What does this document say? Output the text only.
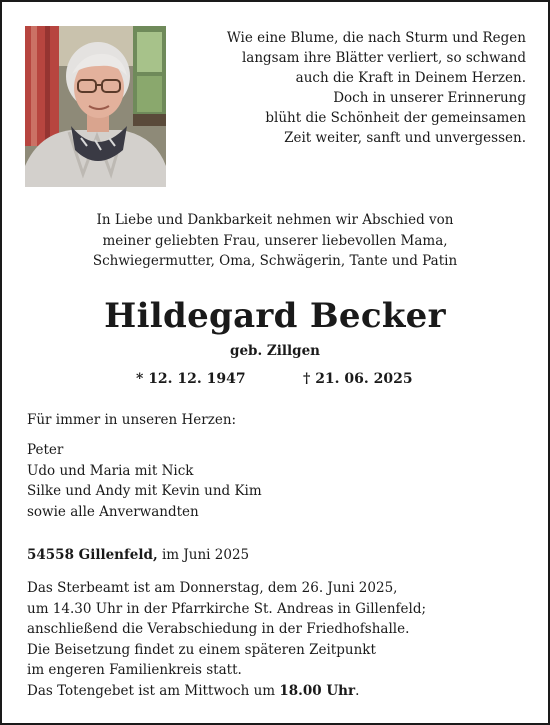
Wie eine Blume, die nach Sturm und Regen
langsam ihre Blätter verliert, so schwand
auch die Kraft in Deinem Herzen.
Doch in unserer Erinnerung
blüht die Schönheit der gemeinsamen
Zeit weiter, sanft und unvergessen.
In Liebe und Dankbarkeit nehmen wir Abschied von
meiner geliebten Frau, unserer liebevollen Mama,
Schwiegermutter, Oma, Schwägerin, Tante und Patin
Hildegard Becker
geb. Zillgen
* 12. 12. 1947	† 21. 06. 2025
Für immer in unseren Herzen:
Peter
Udo und Maria mit Nick
Silke und Andy mit Kevin und Kim
sowie alle Anverwandten
54558 Gillenfeld, im Juni 2025
Das Sterbeamt ist am Donnerstag, dem 26. Juni 2025,
um 14.30 Uhr in der Pfarrkirche St. Andreas in Gillenfeld;
anschließend die Verabschiedung in der Friedhofshalle.
Die Beisetzung findet zu einem späteren Zeitpunkt
im engeren Familienkreis statt.
Das Totengebet ist am Mittwoch um 18.00 Uhr.
